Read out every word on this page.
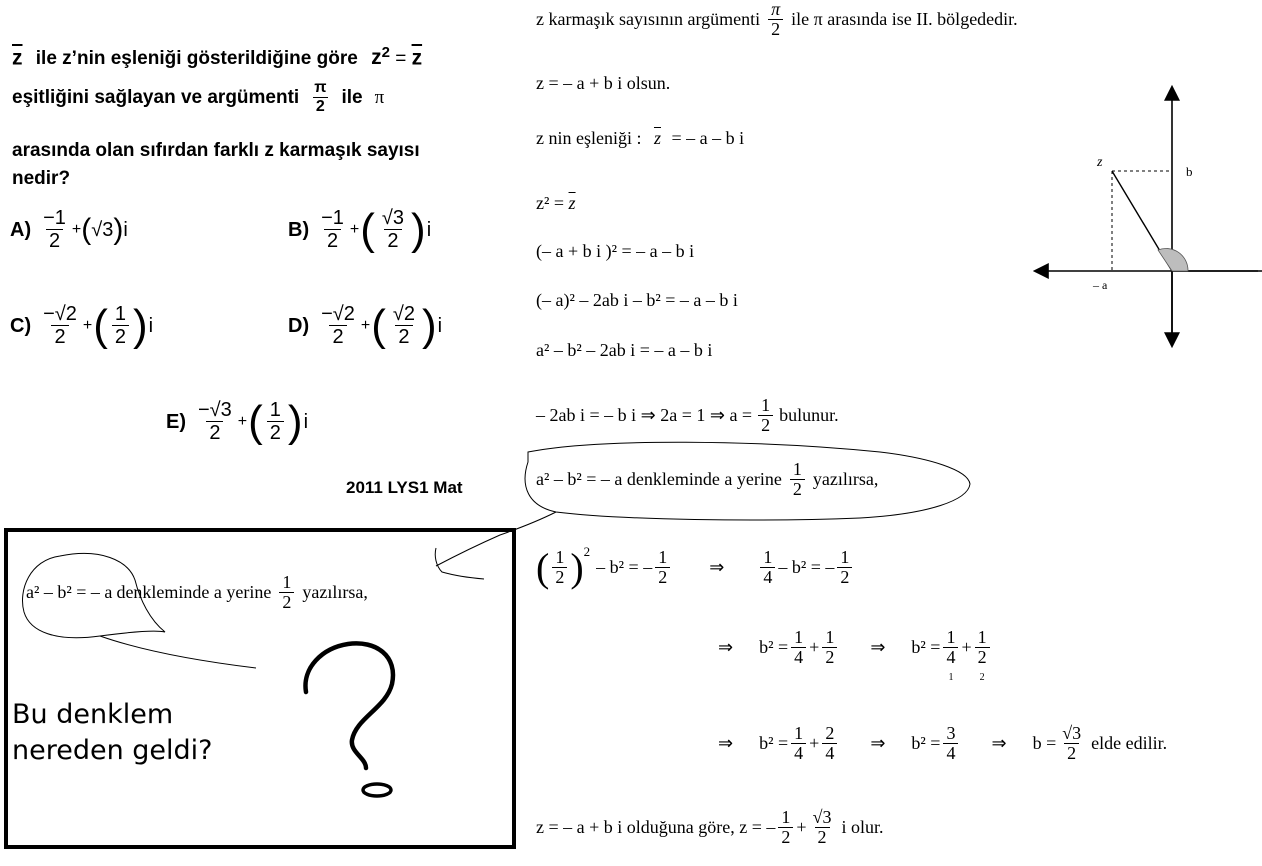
$\overline{z}$ ile z’nin eşleniği gösterildiğine göre $z^2 = \overline{z}$
eşitliğini sağlayan ve argümenti $\frac{\pi}{2}$ ile π
arasında olan sıfırdan farklı z karmaşık sayısı
nedir?
$A) \frac{-1}{2}$ + ( √3 ) i	$B) \frac{-1}{2}$ + ( $\frac{√3}{2}$ ) i
$C) \frac{-√2}{2}$ + ( $\frac{1}{2}$ ) i	$D) \frac{-√2}{2}$ + ( $\frac{√2}{2}$ ) i
$E) \frac{-√3}{2}$ + ( $\frac{1}{2}$ ) i
2011 LYS1 Mat
z karmaşık sayısının argümenti $\frac{\pi}{2}$ ile π arasında ise II. bölgededir.
z = – a + b i olsun.
z nin eşleniği : $\overline{z}$ = – a – b i
$z^2 = \overline{z}$
(– a + b i )² = – a – b i
(– a)² – 2ab i – b² = – a – b i
a² – b² – 2ab i = – a – b i
– 2ab i = – b i ⇒ 2a = 1 ⇒ $a = \frac{1}{2}$ bulunur.
a² – b² = – a denkleminde a yerine $\frac{1}{2}$ yazılırsa,
( $\frac{1}{2} )^2$
– b² = – $\frac{1}{2}$ ⇒ $\frac{1}{4} - b^2$ = – $\frac{1}{2}$
⇒ $b^2 = \frac{1}{4} + \frac{1}{2}$ ⇒ b² =
1
4
1
+
1
2
2
⇒ $b^2 = \frac{1}{4} + \frac{2}{4}$ ⇒ $b^2 = \frac{3}{4}$ ⇒ $b = \frac{√3}{2}$ elde edilir.
z = – a + b i olduğuna göre, z = – $\frac{1}{2} + \frac{√3}{2}$ i olur.
z
b
– a
a² – b² = – a denkleminde a yerine $\frac{1}{2}$ yazılırsa,
Bu denklem
nereden geldi?
